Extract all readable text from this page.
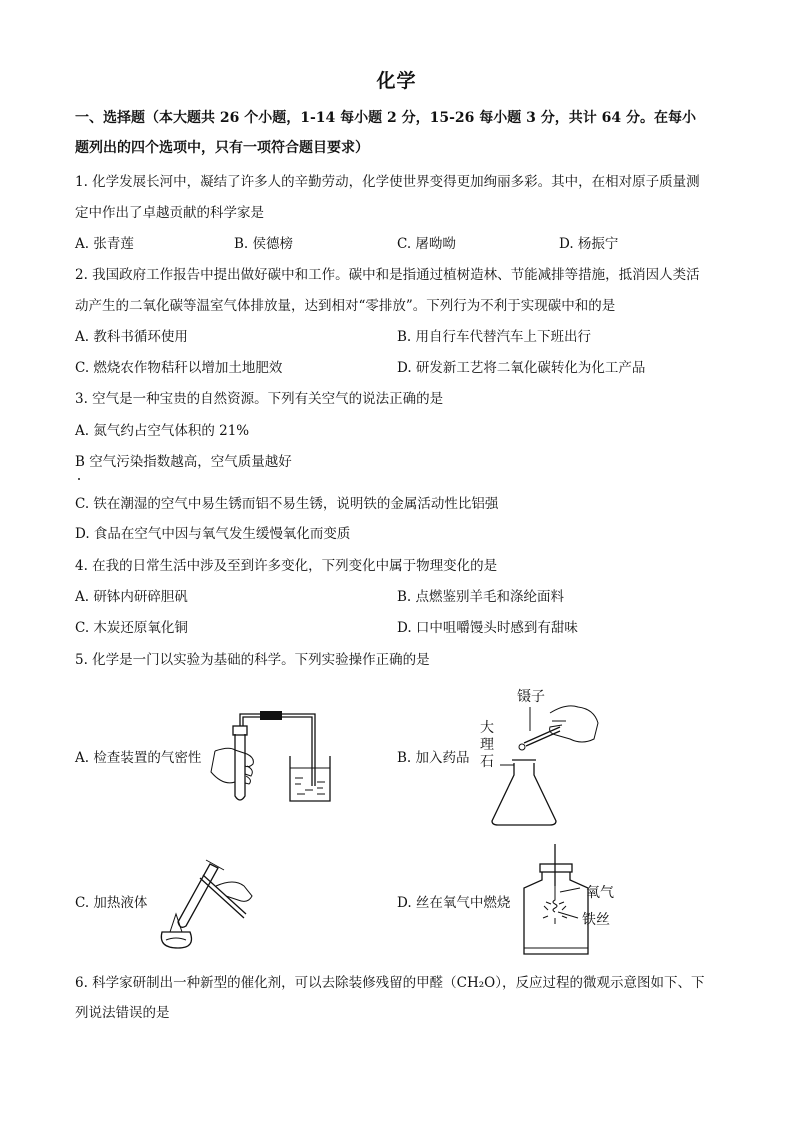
化学
一、选择题（本大题共 26 个小题，1-14 每小题 2 分，15-26 每小题 3 分，共计 64 分。在每小
题列出的四个选项中，只有一项符合题目要求）
1. 化学发展长河中，凝结了许多人的辛勤劳动，化学使世界变得更加绚丽多彩。其中，在相对原子质量测
定中作出了卓越贡献的科学家是
A. 张青莲	B. 侯德榜	C. 屠呦呦	D. 杨振宁
2. 我国政府工作报告中提出做好碳中和工作。碳中和是指通过植树造林、节能减排等措施，抵消因人类活
动产生的二氧化碳等温室气体排放量，达到相对“零排放”。下列行为不利于实现碳中和的是
A. 教科书循环使用	B. 用自行车代替汽车上下班出行
C. 燃烧农作物秸秆以增加土地肥效	D. 研发新工艺将二氧化碳转化为化工产品
3. 空气是一种宝贵的自然资源。下列有关空气的说法正确的是
A. 氮气约占空气体积的 21%
B 空气污染指数越高，空气质量越好
C. 铁在潮湿的空气中易生锈而铝不易生锈，说明铁的金属活动性比铝强
D. 食品在空气中因与氧气发生缓慢氧化而变质
4. 在我的日常生活中涉及至到许多变化，下列变化中属于物理变化的是
A. 研钵内研碎胆矾	B. 点燃鉴别羊毛和涤纶面料
C. 木炭还原氧化铜	D. 口中咀嚼馒头时感到有甜味
5. 化学是一门以实验为基础的科学。下列实验操作正确的是
A. 检查装置的气密性	B. 加入药品
C. 加热液体	D. 丝在氧气中燃烧
镊子
大
理
石
氧气
铁丝
6. 科学家研制出一种新型的催化剂，可以去除装修残留的甲醛（CH₂O），反应过程的微观示意图如下、下
列说法错误的是
